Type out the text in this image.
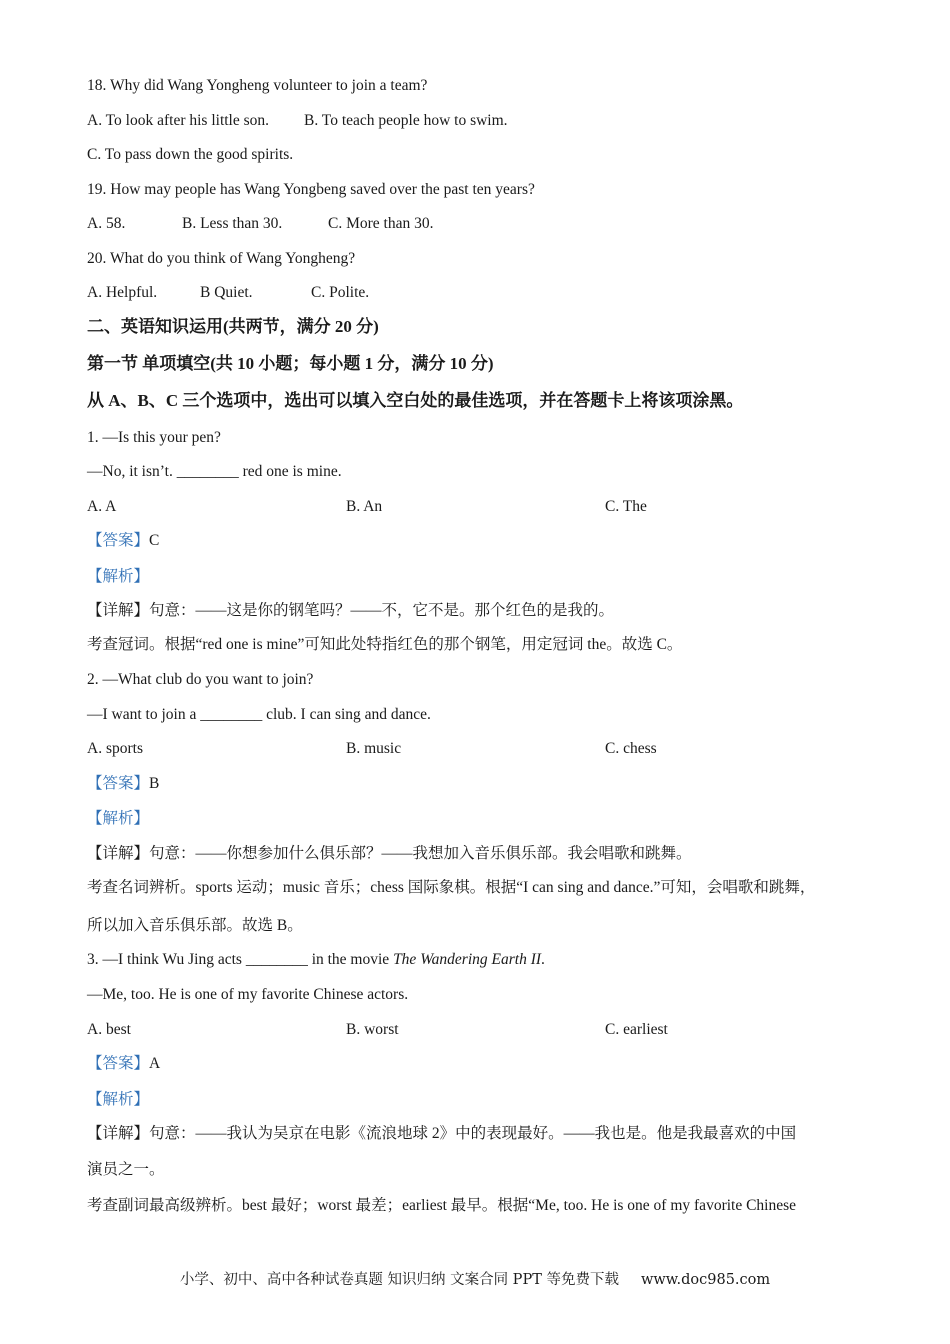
18. Why did Wang Yongheng volunteer to join a team?
A. To look after his little son. B. To teach people how to swim.
C. To pass down the good spirits.
19. How may people has Wang Yongbeng saved over the past ten years?
A. 58.	B. Less than 30.	C. More than 30.
20. What do you think of Wang Yongheng?
A. Helpful.	B Quiet.	C. Polite.
二、英语知识运用(共两节，满分 20 分)
第一节 单项填空(共 10 小题；每小题 1 分，满分 10 分)
从 A、B、C 三个选项中，选出可以填入空白处的最佳选项，并在答题卡上将该项涂黑。
1. —Is this your pen?
—No, it isn’t. ________ red one is mine.
A. A	B. An	C. The
【答案】C
【解析】
【详解】句意：——这是你的钢笔吗？——不，它不是。那个红色的是我的。
考查冠词。根据“red one is mine”可知此处特指红色的那个钢笔，用定冠词 the。故选 C。
2. —What club do you want to join?
—I want to join a ________ club. I can sing and dance.
A. sports	B. music	C. chess
【答案】B
【解析】
【详解】句意：——你想参加什么俱乐部？——我想加入音乐俱乐部。我会唱歌和跳舞。
考查名词辨析。sports 运动；music 音乐；chess 国际象棋。根据“I can sing and dance.”可知，会唱歌和跳舞，
所以加入音乐俱乐部。故选 B。
3. —I think Wu Jing acts ________ in the movie The Wandering Earth II.
—Me, too. He is one of my favorite Chinese actors.
A. best	B. worst	C. earliest
【答案】A
【解析】
【详解】句意：——我认为吴京在电影《流浪地球 2》中的表现最好。——我也是。他是我最喜欢的中国
演员之一。
考查副词最高级辨析。best 最好；worst 最差；earliest 最早。根据“Me, too. He is one of my favorite Chinese
小学、初中、高中各种试卷真题 知识归纳 文案合同 PPT 等免费下载 www.doc985.com
